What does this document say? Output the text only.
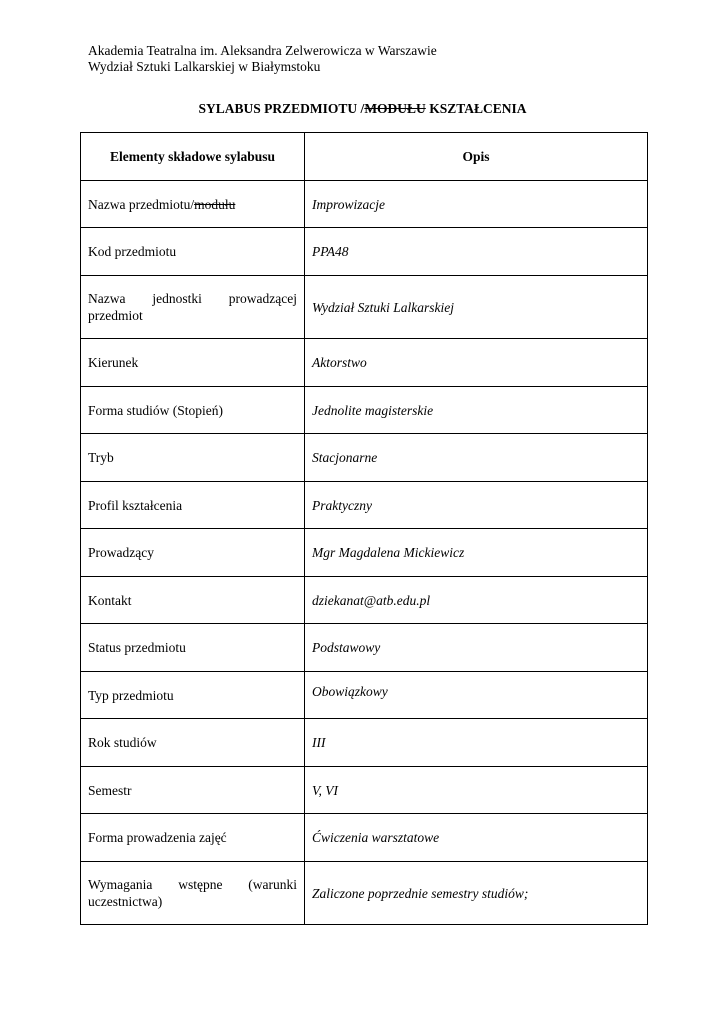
Akademia Teatralna im. Aleksandra Zelwerowicza w Warszawie
Wydział Sztuki Lalkarskiej w Białymstoku
SYLABUS PRZEDMIOTU /MODUŁU KSZTAŁCENIA
Elementy składowe sylabusu	Opis
Nazwa przedmiotu/modułu	Improwizacje
Kod przedmiotu	PPA48

Nazwa jednostki prowadzącej
przedmiot	Wydział Sztuki Lalkarskiej
Kierunek	Aktorstwo
Forma studiów (Stopień)	Jednolite magisterskie
Tryb	Stacjonarne
Profil kształcenia	Praktyczny
Prowadzący	Mgr Magdalena Mickiewicz
Kontakt	dziekanat@atb.edu.pl
Status przedmiotu	Podstawowy
Typ przedmiotu	Obowiązkowy
Rok studiów	III
Semestr	V, VI
Forma prowadzenia zajęć	Ćwiczenia warsztatowe

Wymagania wstępne (warunki
uczestnictwa)	Zaliczone poprzednie semestry studiów;
